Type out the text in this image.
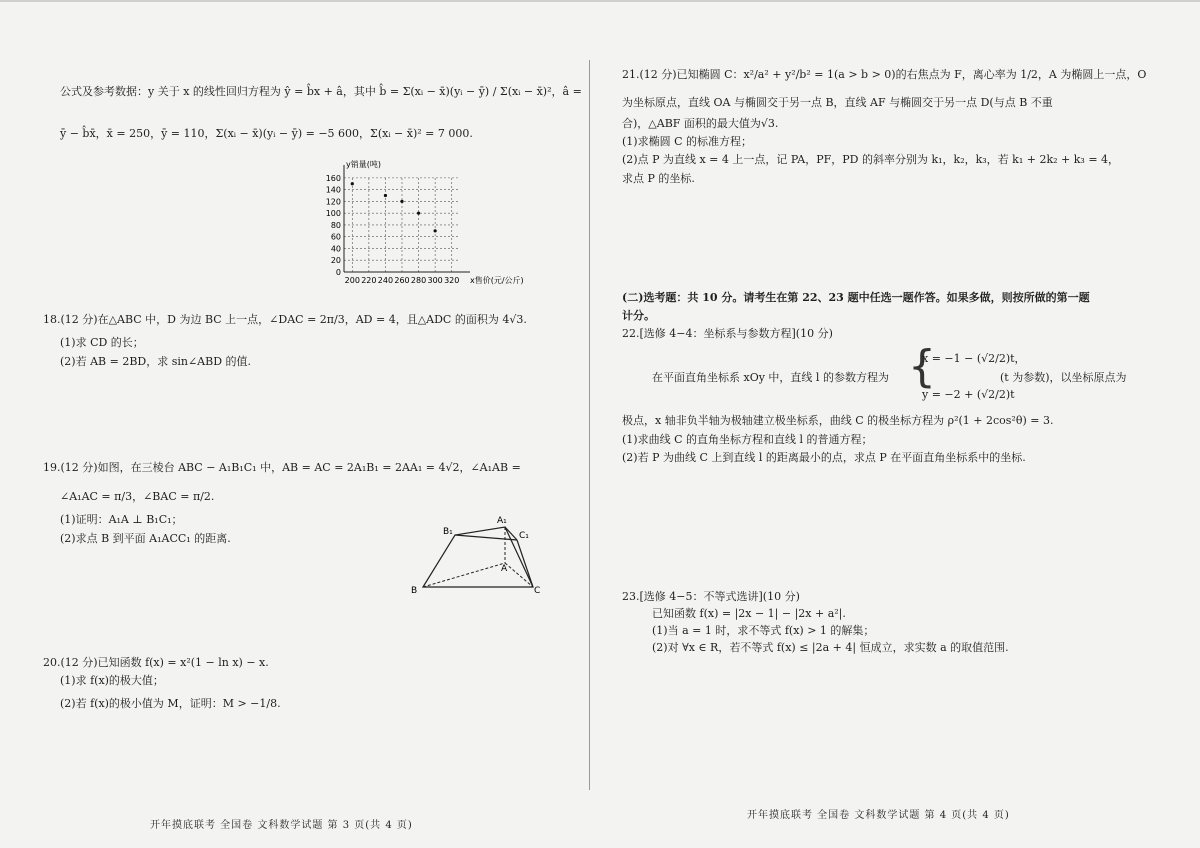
公式及参考数据：y 关于 x 的线性回归方程为 ŷ = b̂x + â，其中 b̂ = Σ(xᵢ − x̄)(yᵢ − ȳ) / Σ(xᵢ − x̄)²，â =
ȳ − b̂x̄，x̄ = 250，ȳ = 110，Σ(xᵢ − x̄)(yᵢ − ȳ) = −5 600，Σ(xᵢ − x̄)² = 7 000.
y销量(吨)
x售价(元/公斤)
0
20
40
60
80
100
120
140
160
200 220 240 260 280 300 320
18.(12 分)在△ABC 中，D 为边 BC 上一点，∠DAC = 2π/3，AD = 4，且△ADC 的面积为 4√3.
(1)求 CD 的长；
(2)若 AB = 2BD，求 sin∠ABD 的值.
19.(12 分)如图，在三棱台 ABC − A₁B₁C₁ 中，AB = AC = 2A₁B₁ = 2AA₁ = 4√2，∠A₁AB =
∠A₁AC = π/3，∠BAC = π/2.
(1)证明：A₁A ⊥ B₁C₁；
(2)求点 B 到平面 A₁ACC₁ 的距离.	B₁
A₁
C₁
A
B	C
20.(12 分)已知函数 f(x) = x²(1 − ln x) − x.
(1)求 f(x)的极大值；
(2)若 f(x)的极小值为 M，证明：M > −1/8.
开年摸底联考 全国卷 文科数学试题 第 3 页(共 4 页)
21.(12 分)已知椭圆 C：x²/a² + y²/b² = 1(a > b > 0)的右焦点为 F，离心率为 1/2，A 为椭圆上一点，O
为坐标原点，直线 OA 与椭圆交于另一点 B，直线 AF 与椭圆交于另一点 D(与点 B 不重
合)，△ABF 面积的最大值为√3.
(1)求椭圆 C 的标准方程；
(2)点 P 为直线 x = 4 上一点，记 PA，PF，PD 的斜率分别为 k₁，k₂，k₃，若 k₁ + 2k₂ + k₃ = 4，
求点 P 的坐标.
(二)选考题：共 10 分。请考生在第 22、23 题中任选一题作答。如果多做，则按所做的第一题
计分。
22.[选修 4−4：坐标系与参数方程](10 分)
在平面直角坐标系 xOy 中，直线 l 的参数方程为 {
x = −1 − (√2/2)t，
y = −2 + (√2/2)t
(t 为参数)，以坐标原点为
极点，x 轴非负半轴为极轴建立极坐标系，曲线 C 的极坐标方程为 ρ²(1 + 2cos²θ) = 3.
(1)求曲线 C 的直角坐标方程和直线 l 的普通方程；
(2)若 P 为曲线 C 上到直线 l 的距离最小的点，求点 P 在平面直角坐标系中的坐标.
23.[选修 4−5：不等式选讲](10 分)
已知函数 f(x) = |2x − 1| − |2x + a²|.
(1)当 a = 1 时，求不等式 f(x) > 1 的解集；
(2)对 ∀x ∈ R，若不等式 f(x) ≤ |2a + 4| 恒成立，求实数 a 的取值范围.
开年摸底联考 全国卷 文科数学试题 第 4 页(共 4 页)
